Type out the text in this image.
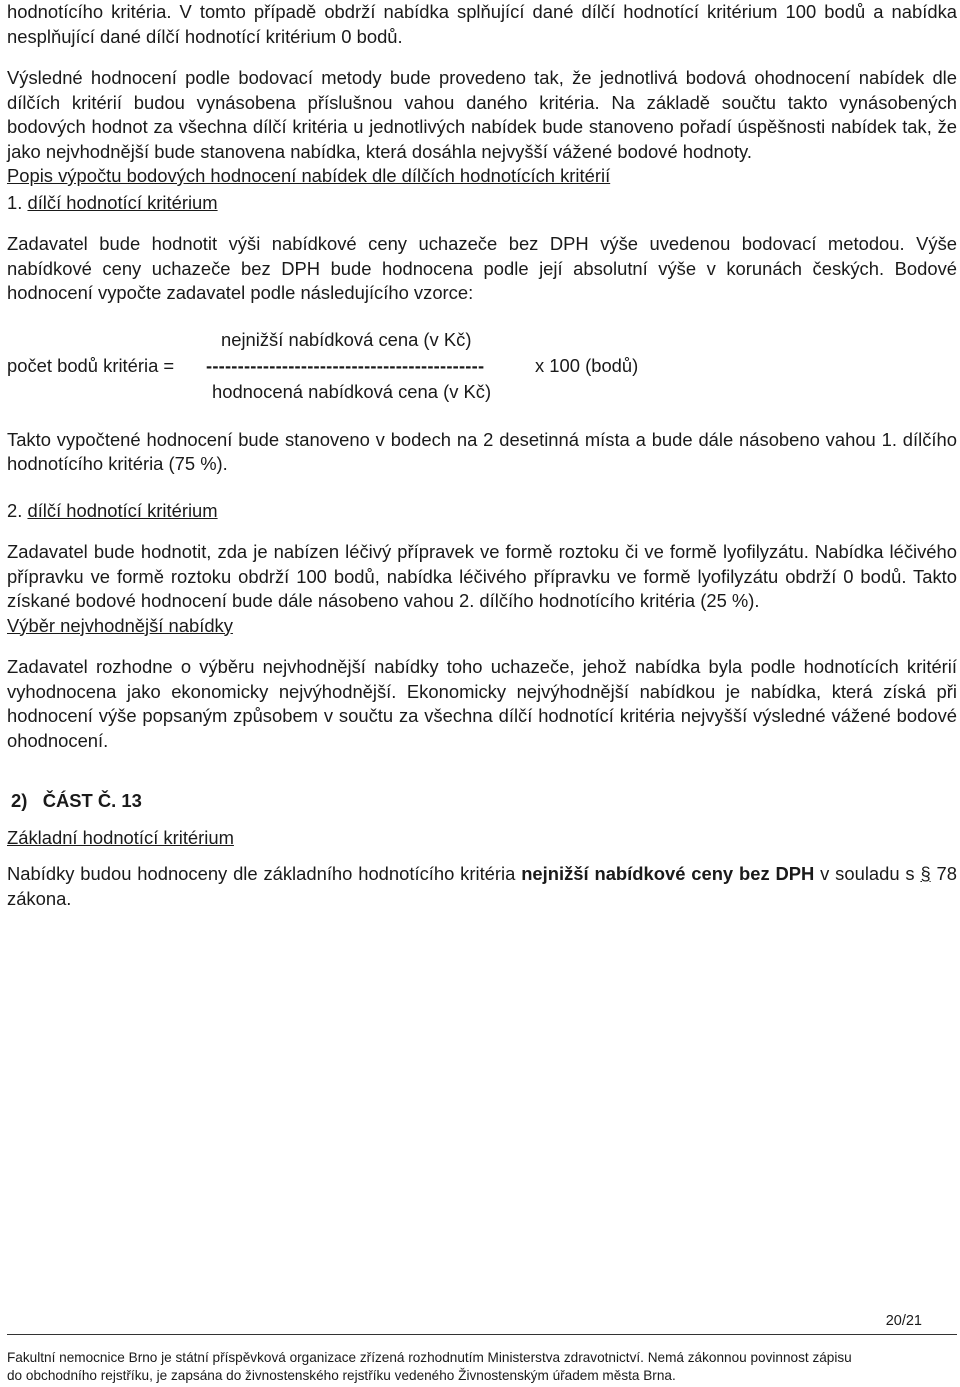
hodnotícího kritéria. V tomto případě obdrží nabídka splňující dané dílčí hodnotící kritérium 100 bodů a nabídka nesplňující dané dílčí hodnotící kritérium 0 bodů.

Výsledné hodnocení podle bodovací metody bude provedeno tak, že jednotlivá bodová ohodnocení nabídek dle dílčích kritérií budou vynásobena příslušnou vahou daného kritéria. Na základě součtu takto vynásobených bodových hodnot za všechna dílčí kritéria u jednotlivých nabídek bude stanoveno pořadí úspěšnosti nabídek tak, že jako nejvhodnější bude stanovena nabídka, která dosáhla nejvyšší vážené bodové hodnoty.

Popis výpočtu bodových hodnocení nabídek dle dílčích hodnotících kritérií
1. dílčí hodnotící kritérium

Zadavatel bude hodnotit výši nabídkové ceny uchazeče bez DPH výše uvedenou bodovací metodou. Výše nabídkové ceny uchazeče bez DPH bude hodnocena podle její absolutní výše v korunách českých. Bodové hodnocení vypočte zadavatel podle následujícího vzorce:

nejnižší nabídková cena (v Kč)
počet bodů kritéria = --------------------------------------------	x 100 (bodů)
hodnocená nabídková cena (v Kč)

Takto vypočtené hodnocení bude stanoveno v bodech na 2 desetinná místa a bude dále násobeno vahou 1. dílčího hodnotícího kritéria (75 %).

2. dílčí hodnotící kritérium

Zadavatel bude hodnotit, zda je nabízen léčivý přípravek ve formě roztoku či ve formě lyofilyzátu. Nabídka léčivého přípravku ve formě roztoku obdrží 100 bodů, nabídka léčivého přípravku ve formě lyofilyzátu obdrží 0 bodů. Takto získané bodové hodnocení bude dále násobeno vahou 2. dílčího hodnotícího kritéria (25 %).

Výběr nejvhodnější nabídky

Zadavatel rozhodne o výběru nejvhodnější nabídky toho uchazeče, jehož nabídka byla podle hodnotících kritérií vyhodnocena jako ekonomicky nejvýhodnější. Ekonomicky nejvýhodnější nabídkou je nabídka, která získá při hodnocení výše popsaným způsobem v součtu za všechna dílčí hodnotící kritéria nejvyšší výsledné vážené bodové ohodnocení.

2) ČÁST Č. 13
Základní hodnotící kritérium

Nabídky budou hodnoceny dle základního hodnotícího kritéria nejnižší nabídkové ceny bez DPH v souladu s § 78 zákona.

20/21
Fakultní nemocnice Brno je státní příspěvková organizace zřízená rozhodnutím Ministerstva zdravotnictví. Nemá zákonnou povinnost zápisu
do obchodního rejstříku, je zapsána do živnostenského rejstříku vedeného Živnostenským úřadem města Brna.
